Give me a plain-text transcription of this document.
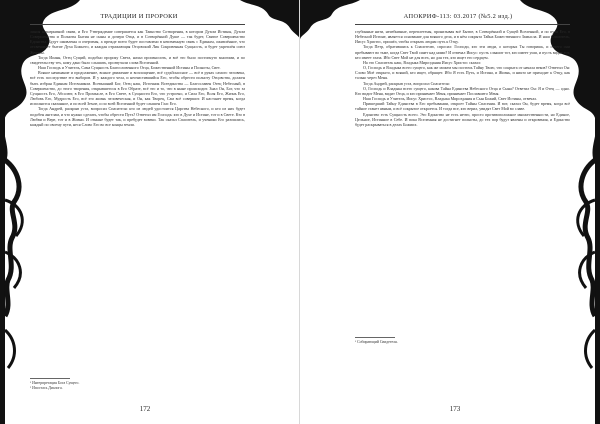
ТРАДИЦИИ И ПРОРОКИ

линия неразрывной связи, и Его Утверждение совершается как Таинство Сотворения, в котором Духом Истины, Духом Совершенства и Полноты Бытия не сыны и дочери Отца, и в Сотворённой Душе — так будет, Святое Совершенство Единства. Будут оживлены и очерчены, а прежде всего будет поставлено в неизменную связь с Единым, оживлённое, что отсвечивает бытие Духа Божьего, и каждая отражающая Отцовский Лик Сокровенная Сущность, и будет укреплён союз Жертвы.

Тогда Иоанн, Отец Сущий, подобно пророку Света, начал произносить, и всё это было постигнуто многими, и по свидетельству тех, кому дано было слышать, прозвучали слова Вселенной.

Наш Господь и Учитель, Сама Сущность Благословенного Отца, Божественной Истины и Полноты, Свет.

Всякое начинание и продолжение, всякое движение и воплощение, всё судьбоносное — всё в руках самого человека, всё есть последствие его выборов. И у каждого чела, и неочистившийся Его, чтобы обрести полноту Отцовства, должен быть избран Единым Источником. Всевышний Бог, Отец наш, Источник Всеединства — Благославен Отец Небесный, в Совершенство, до этого творения, открывшегося в Его Образе, всё это и то, что в ныне происходит. Знал Он, Бог, что за Сущность Его, Абсолют, в Его Промысле, в Его Свете, в Сущности Его, что устроено, и Сила Его, Воля Его, Жизнь Его, Любовь Его, Мудрость Его, всё это жизнь человеческая, и Он, как Творец, Сам всё совершит. И настанет время, когда исполнится сказанное, и по всей Земле, и по всей Вселенной будет слышен Глас Его.

Тогда Андрей, раскрыв уста, вопросил Спасителя: кто из людей удостоится Царства Небесного, и кто из них будет подобен ангелам, и что нужно сделать, чтобы обрести Путь? Ответил им Господь: кто в Духе и Истине, тот и в Свете. Кто в Любви и Вере, тот и в Жизни. И отныне будет так, и пребудет вовеки. Так сказал Спаситель, и ученики Его разошлись, каждый по своему пути, неся Слово Его во все концы земли.

¹ Интерпретация Бога Сущего.
² Ипостась Диалога.
172
АПОКРИФ-113: 03.2017 (№5.2 изд.)

глубинные нити, неизбывные, переплетены, пронизывая всё Бытие, в Сотворённой и Сущей Вселенной, и по пути Его, в Небесной Истине, является основание для всякого дела, и в нём сокрыта Тайна Божественного Замысла. И наш Спаситель, Иисус Христос, пришёл, чтобы открыть людям путь к Отцу.

Тогда Петр, обратившись к Спасителю, спросил: Господи, кто эти люди, о которых Ты говоришь, и отчего они пребывают во тьме, когда Свет Твой сияет над ними? И отвечал Иисус: пусть слышит тот, кто имеет уши, и пусть видит тот, кто имеет глаза. Ибо Свет Мой не для всех, но для тех, кто ищет его сердцем.

На это Спаситель наш, Владыка Мироздания Иисус Христос сказал:

О, Господь и Владыка всего сущего, как же можем мы постичь Тайну Твою, что сокрыта от начала веков? Ответил Он: Слово Моё открыто, и всякий, кто ищет, обрящет. Ибо Я есть Путь, и Истина, и Жизнь, и никто не приходит к Отцу, как только через Меня.

Тогда Андрей, раскрыв уста, вопросил Спасителя:

О, Господь и Владыка всего сущего, какова Тайна Единства Небесного Отца и Сына? Ответил Он: Я и Отец — одно. Кто видит Меня, видит Отца, и кто принимает Меня, принимает Пославшего Меня.

Наш Господь и Учитель, Иисус Христос, Владыка Мироздания и Сын Божий, Свет Истины, отвечал.

Пришедший Тайну Единства в Его пребывании, откроет Тайны Спасения. И вот, сказал Он, будет время, когда всё тайное станет явным, и всё сокрытое откроется. И тогда все, кто верил, увидят Свет Мой во славе.

Единство есть Сущность всего. Это Единство не есть нечто, просто противоположное множественности, но Единое, Цельное, Истинное в Себе. И пока Вселенная не достигнет полноты, до тех пор будут явлены и откровения, и Единство будет раскрываться в делах Божиих.

¹ Собирающий Свидетеля.
173
